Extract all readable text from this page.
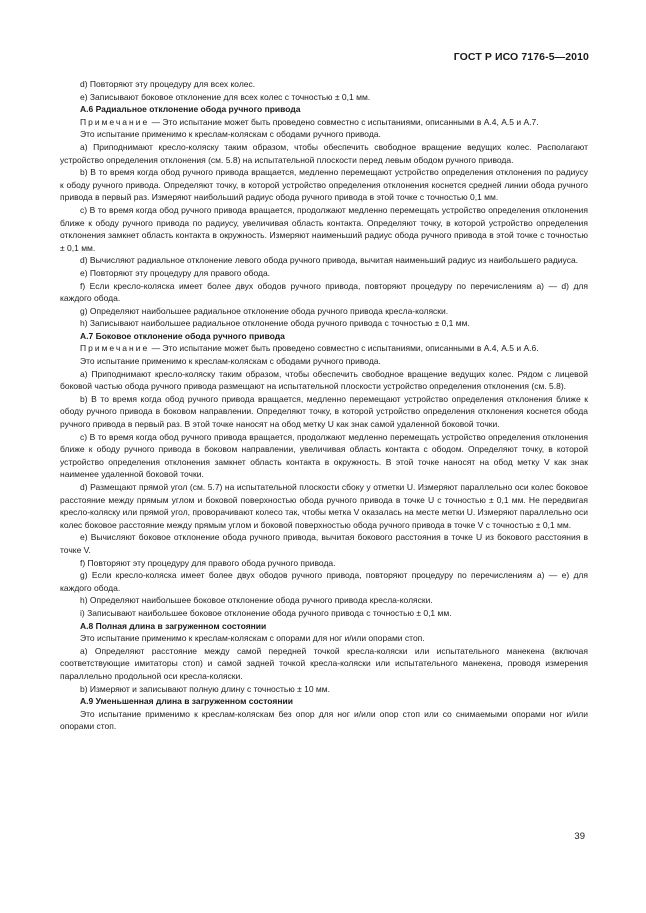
ГОСТ Р ИСО 7176-5—2010

d) Повторяют эту процедуру для всех колес.

e) Записывают боковое отклонение для всех колес с точностью ± 0,1 мм.

А.6 Радиальное отклонение обода ручного привода

Примечание — Это испытание может быть проведено совместно с испытаниями, описанными в А.4, А.5 и А.7.

Это испытание применимо к креслам-коляскам с ободами ручного привода.

a) Приподнимают кресло-коляску таким образом, чтобы обеспечить свободное вращение ведущих колес. Располагают устройство определения отклонения (см. 5.8) на испытательной плоскости перед левым ободом ручного привода.

b) В то время когда обод ручного привода вращается, медленно перемещают устройство определения отклонения по радиусу к ободу ручного привода. Определяют точку, в которой устройство определения отклонения коснется средней линии обода ручного привода в первый раз. Измеряют наибольший радиус обода ручного привода в этой точке с точностью 0,1 мм.

c) В то время когда обод ручного привода вращается, продолжают медленно перемещать устройство определения отклонения ближе к ободу ручного привода по радиусу, увеличивая область контакта. Определяют точку, в которой устройство определения отклонения замкнет область контакта в окружность. Измеряют наименьший радиус обода ручного привода в этой точке с точностью ± 0,1 мм.

d) Вычисляют радиальное отклонение левого обода ручного привода, вычитая наименьший радиус из наибольшего радиуса.

e) Повторяют эту процедуру для правого обода.

f) Если кресло-коляска имеет более двух ободов ручного привода, повторяют процедуру по перечислениям а) — d) для каждого обода.

g) Определяют наибольшее радиальное отклонение обода ручного привода кресла-коляски.

h) Записывают наибольшее радиальное отклонение обода ручного привода с точностью ± 0,1 мм.

А.7 Боковое отклонение обода ручного привода

Примечание — Это испытание может быть проведено совместно с испытаниями, описанными в А.4, А.5 и А.6.

Это испытание применимо к креслам-коляскам с ободами ручного привода.

a) Приподнимают кресло-коляску таким образом, чтобы обеспечить свободное вращение ведущих колес. Рядом с лицевой боковой частью обода ручного привода размещают на испытательной плоскости устройство определения отклонения (см. 5.8).

b) В то время когда обод ручного привода вращается, медленно перемещают устройство определения отклонения ближе к ободу ручного привода в боковом направлении. Определяют точку, в которой устройство определения отклонения коснется обода ручного привода в первый раз. В этой точке наносят на обод метку U как знак самой удаленной боковой точки.

c) В то время когда обод ручного привода вращается, продолжают медленно перемещать устройство определения отклонения ближе к ободу ручного привода в боковом направлении, увеличивая область контакта с ободом. Определяют точку, в которой устройство определения отклонения замкнет область контакта в окружность. В этой точке наносят на обод метку V как знак наименее удаленной боковой точки.

d) Размещают прямой угол (см. 5.7) на испытательной плоскости сбоку у отметки U. Измеряют параллельно оси колес боковое расстояние между прямым углом и боковой поверхностью обода ручного привода в точке U с точностью ± 0,1 мм. Не передвигая кресло-коляску или прямой угол, проворачивают колесо так, чтобы метка V оказалась на месте метки U. Измеряют параллельно оси колес боковое расстояние между прямым углом и боковой поверхностью обода ручного привода в точке V с точностью ± 0,1 мм.

e) Вычисляют боковое отклонение обода ручного привода, вычитая бокового расстояния в точке U из бокового расстояния в точке V.

f) Повторяют эту процедуру для правого обода ручного привода.

g) Если кресло-коляска имеет более двух ободов ручного привода, повторяют процедуру по перечислениям а) — е) для каждого обода.

h) Определяют наибольшее боковое отклонение обода ручного привода кресла-коляски.

i) Записывают наибольшее боковое отклонение обода ручного привода с точностью ± 0,1 мм.

А.8 Полная длина в загруженном состоянии

Это испытание применимо к креслам-коляскам с опорами для ног и/или опорами стоп.

a) Определяют расстояние между самой передней точкой кресла-коляски или испытательного манекена (включая соответствующие имитаторы стоп) и самой задней точкой кресла-коляски или испытательного манекена, проводя измерения параллельно продольной оси кресла-коляски.

b) Измеряют и записывают полную длину с точностью ± 10 мм.

А.9 Уменьшенная длина в загруженном состоянии

Это испытание применимо к креслам-коляскам без опор для ног и/или опор стоп или со снимаемыми опорами ног и/или опорами стоп.

39
